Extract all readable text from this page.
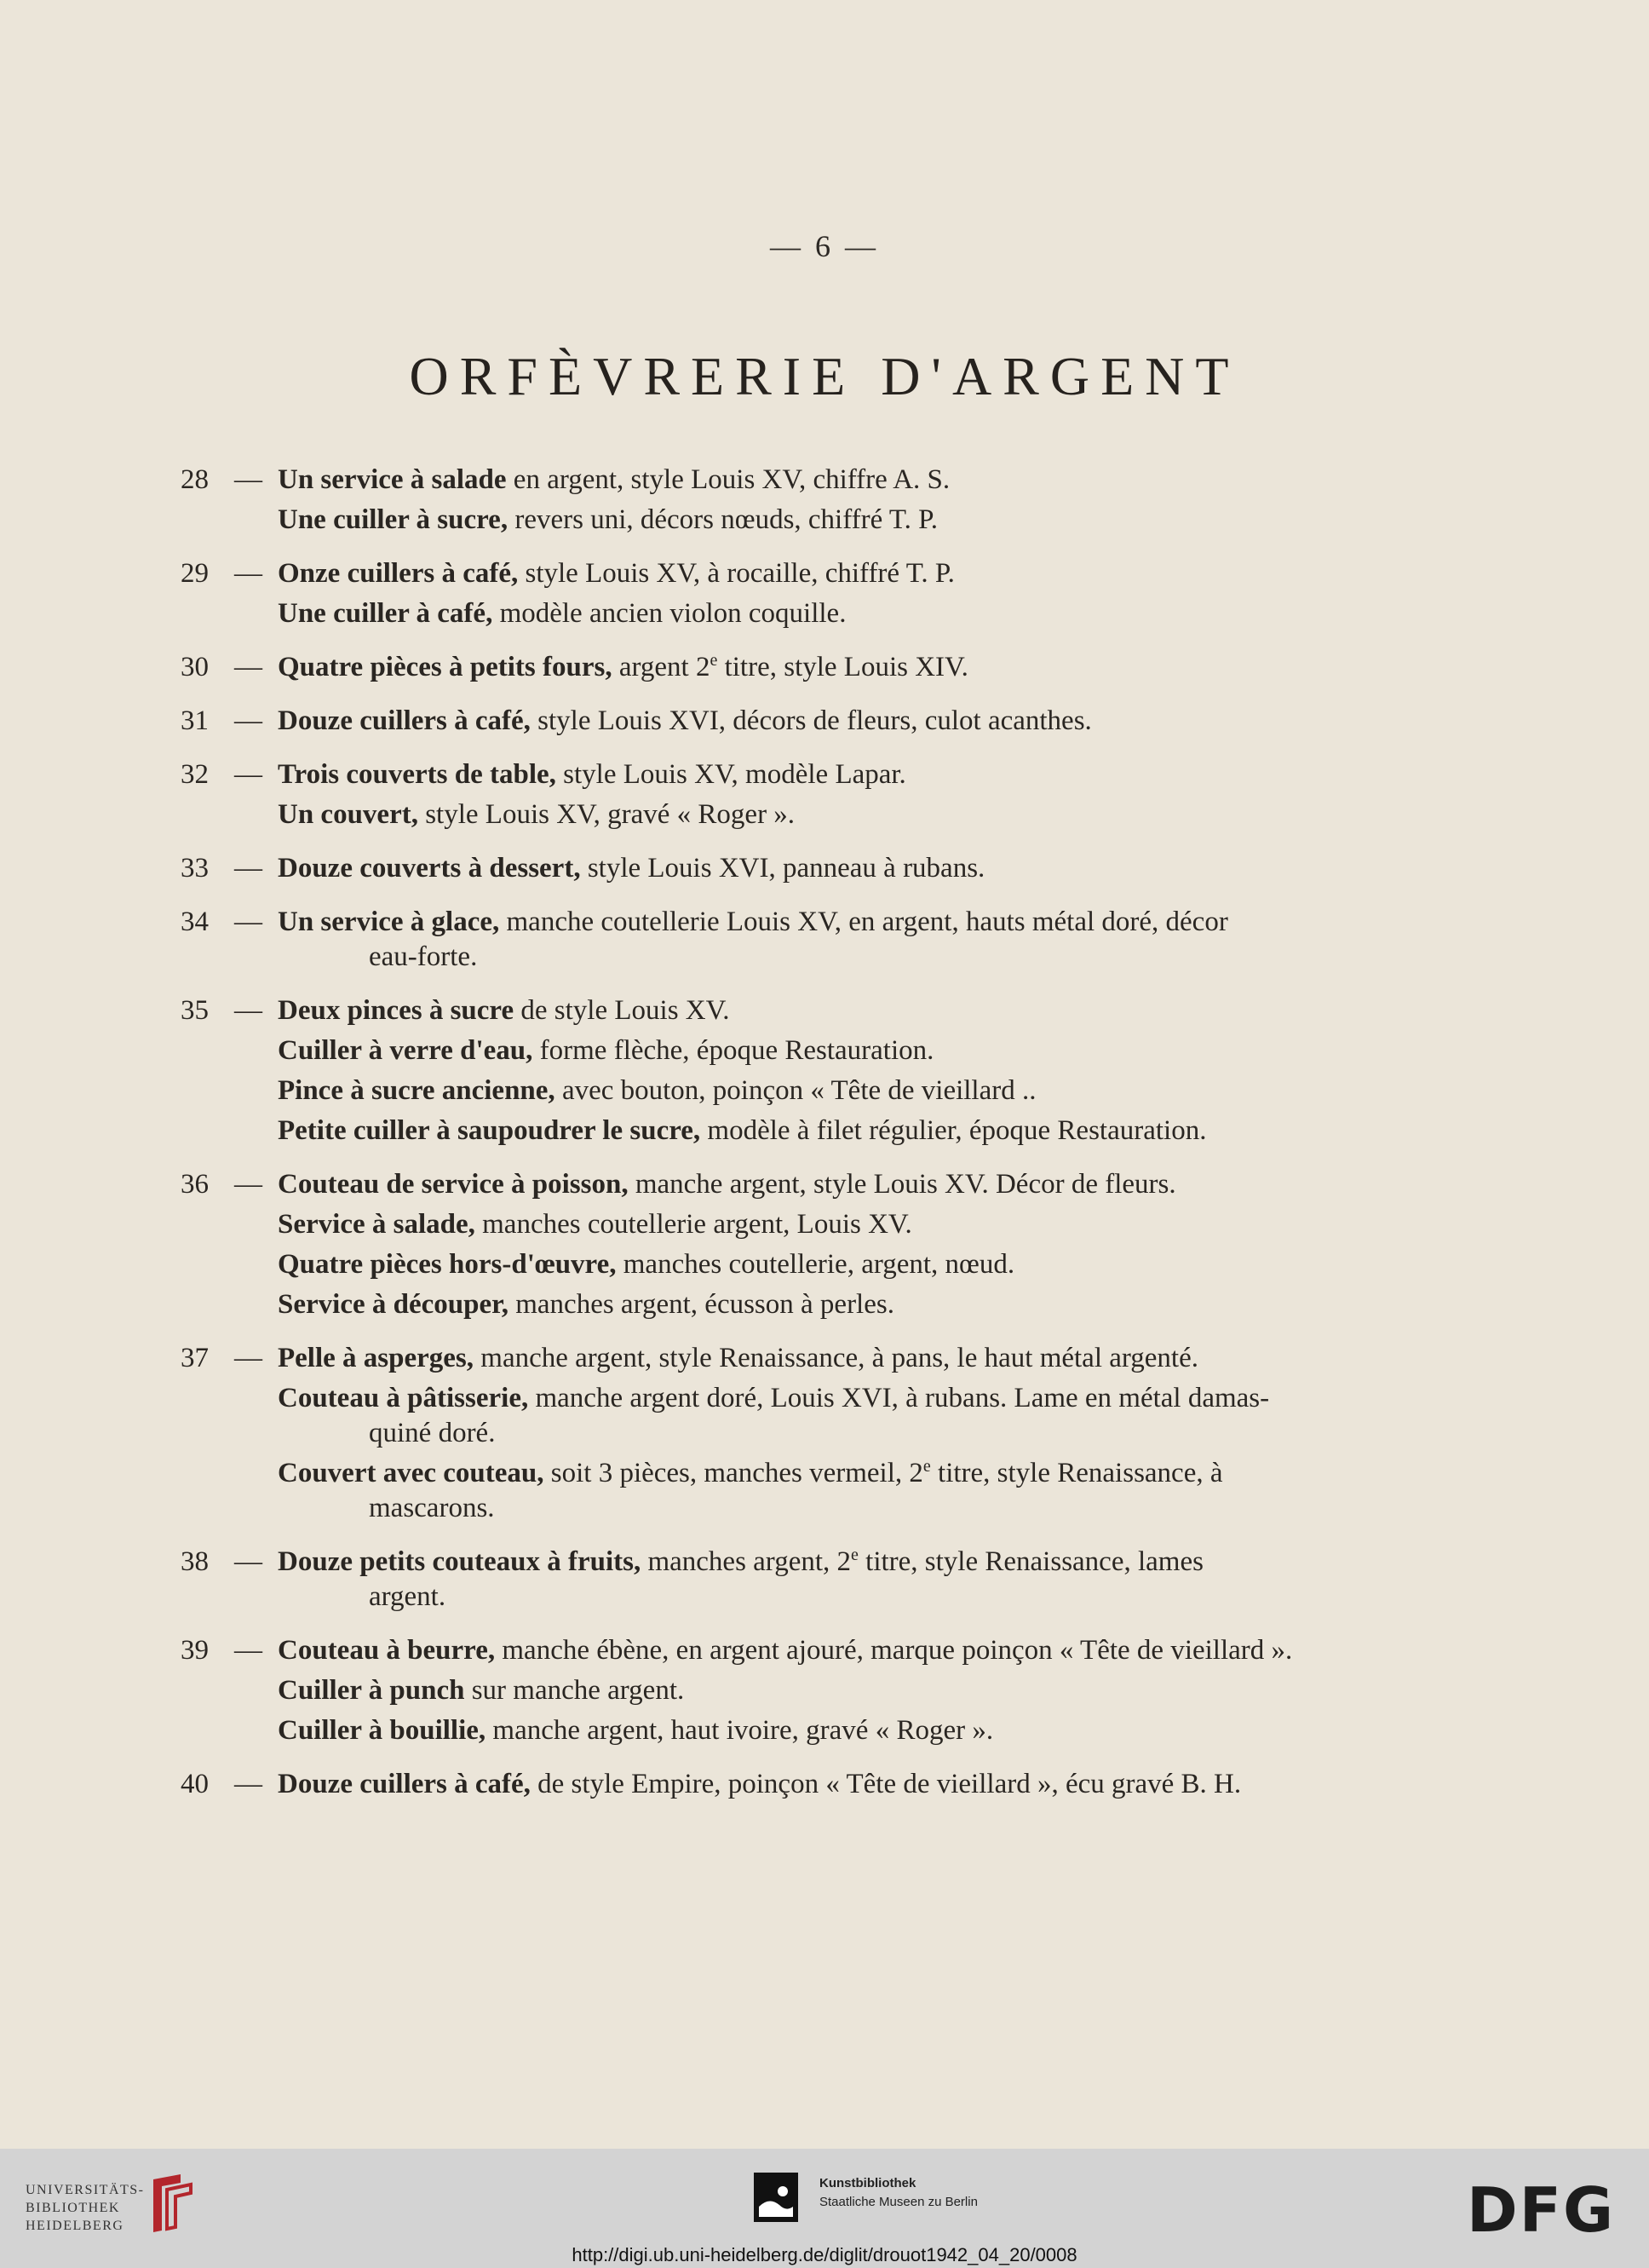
— 6 —
ORFÈVRERIE D'ARGENT
28 — Un service à salade en argent, style Louis XV, chiffre A. S.
Une cuiller à sucre, revers uni, décors nœuds, chiffré T. P.
29 — Onze cuillers à café, style Louis XV, à rocaille, chiffré T. P.
Une cuiller à café, modèle ancien violon coquille.
30 — Quatre pièces à petits fours, argent 2e titre, style Louis XIV.
31 — Douze cuillers à café, style Louis XVI, décors de fleurs, culot acanthes.
32 — Trois couverts de table, style Louis XV, modèle Lapar.
Un couvert, style Louis XV, gravé « Roger ».
33 — Douze couverts à dessert, style Louis XVI, panneau à rubans.
34 — Un service à glace, manche coutellerie Louis XV, en argent, hauts métal doré, décor
eau-forte.
35 — Deux pinces à sucre de style Louis XV.
Cuiller à verre d'eau, forme flèche, époque Restauration.
Pince à sucre ancienne, avec bouton, poinçon « Tête de vieillard ..
Petite cuiller à saupoudrer le sucre, modèle à filet régulier, époque Restauration.
36 — Couteau de service à poisson, manche argent, style Louis XV. Décor de fleurs.
Service à salade, manches coutellerie argent, Louis XV.
Quatre pièces hors-d'œuvre, manches coutellerie, argent, nœud.
Service à découper, manches argent, écusson à perles.
37 — Pelle à asperges, manche argent, style Renaissance, à pans, le haut métal argenté.
Couteau à pâtisserie, manche argent doré, Louis XVI, à rubans. Lame en métal damas-
quiné doré.
Couvert avec couteau, soit 3 pièces, manches vermeil, 2e titre, style Renaissance, à
mascarons.
38 — Douze petits couteaux à fruits, manches argent, 2e titre, style Renaissance, lames
argent.
39 — Couteau à beurre, manche ébène, en argent ajouré, marque poinçon « Tête de vieillard ».
Cuiller à punch sur manche argent.
Cuiller à bouillie, manche argent, haut ivoire, gravé « Roger ».
40 — Douze cuillers à café, de style Empire, poinçon « Tête de vieillard », écu gravé B. H.
UNIVERSITÄTS-
BIBLIOTHEK
HEIDELBERG
Kunstbibliothek
Staatliche Museen zu Berlin	DFG
http://digi.ub.uni-heidelberg.de/diglit/drouot1942_04_20/0008
